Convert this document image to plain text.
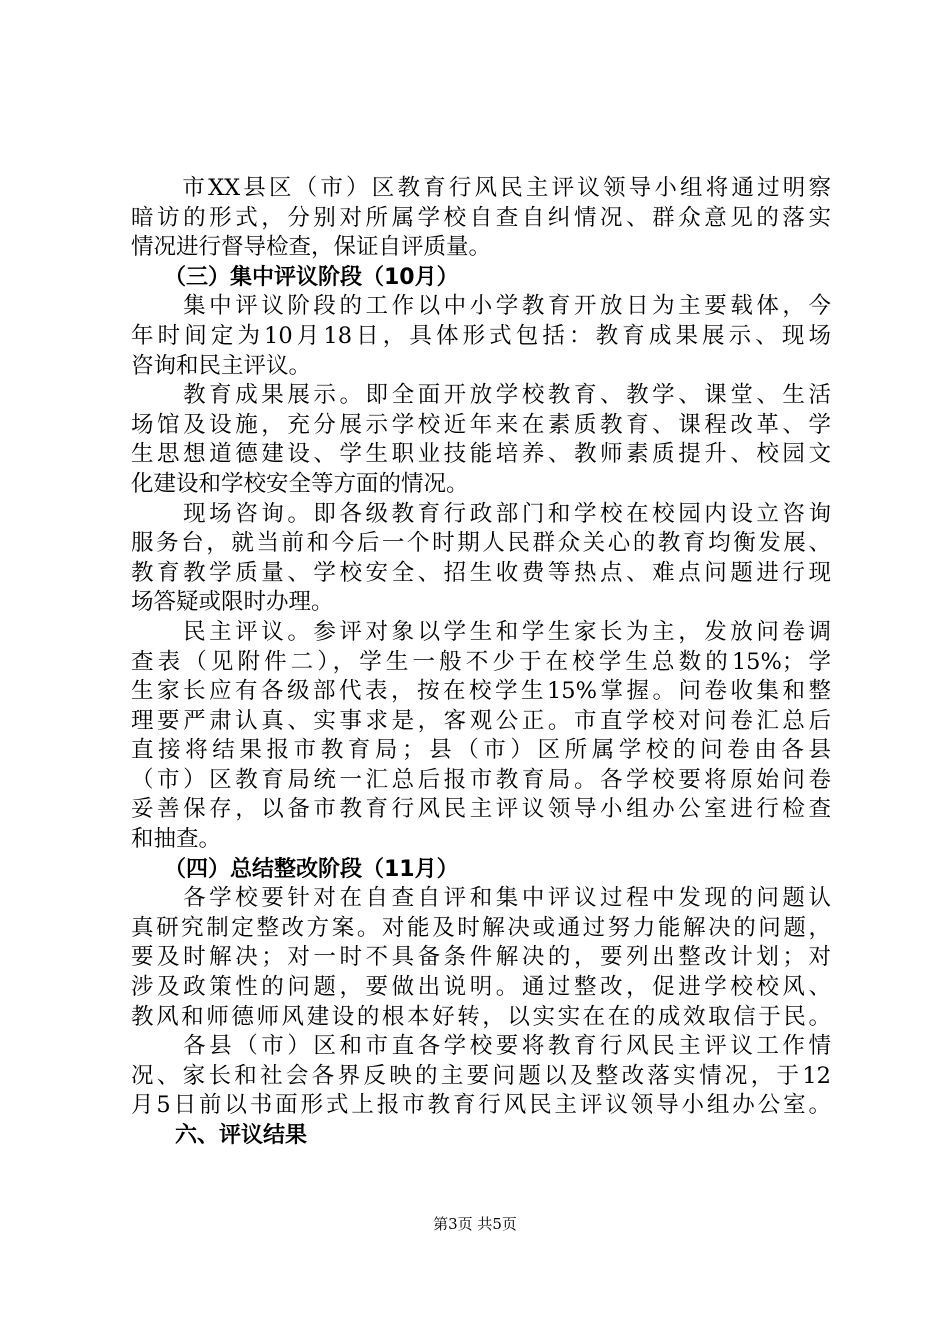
　　市XX县区（市）区教育行风民主评议领导小组将通过明察
暗访的形式，分别对所属学校自查自纠情况、群众意见的落实
情况进行督导检查，保证自评质量。
　　（三）集中评议阶段（10月）
　　集中评议阶段的工作以中小学教育开放日为主要载体，今
年时间定为10月18日，具体形式包括：教育成果展示、现场
咨询和民主评议。
　　教育成果展示。即全面开放学校教育、教学、课堂、生活
场馆及设施，充分展示学校近年来在素质教育、课程改革、学
生思想道德建设、学生职业技能培养、教师素质提升、校园文
化建设和学校安全等方面的情况。
　　现场咨询。即各级教育行政部门和学校在校园内设立咨询
服务台，就当前和今后一个时期人民群众关心的教育均衡发展、
教育教学质量、学校安全、招生收费等热点、难点问题进行现
场答疑或限时办理。
　　民主评议。参评对象以学生和学生家长为主，发放问卷调
查表（见附件二），学生一般不少于在校学生总数的15%；学
生家长应有各级部代表，按在校学生15%掌握。问卷收集和整
理要严肃认真、实事求是，客观公正。市直学校对问卷汇总后
直接将结果报市教育局；县（市）区所属学校的问卷由各县
（市）区教育局统一汇总后报市教育局。各学校要将原始问卷
妥善保存，以备市教育行风民主评议领导小组办公室进行检查
和抽查。
　　（四）总结整改阶段（11月）
　　各学校要针对在自查自评和集中评议过程中发现的问题认
真研究制定整改方案。对能及时解决或通过努力能解决的问题，
要及时解决；对一时不具备条件解决的，要列出整改计划；对
涉及政策性的问题，要做出说明。通过整改，促进学校校风、
教风和师德师风建设的根本好转，以实实在在的成效取信于民。
　　各县（市）区和市直各学校要将教育行风民主评议工作情
况、家长和社会各界反映的主要问题以及整改落实情况，于12
月5日前以书面形式上报市教育行风民主评议领导小组办公室。
　　六、评议结果
第3页 共5页
